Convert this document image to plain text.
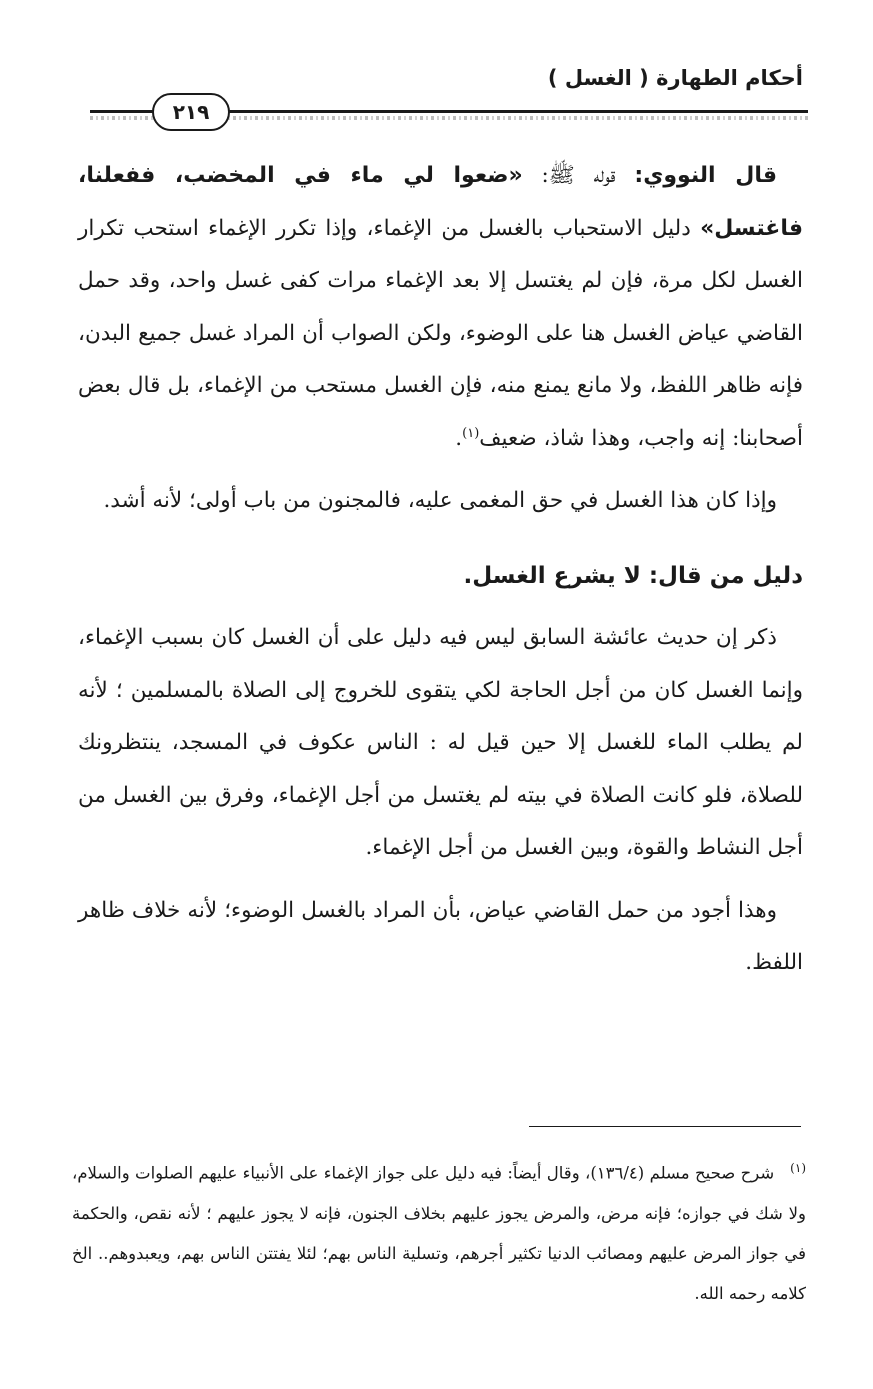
أحكام الطهارة ( الغسل )
٢١٩

قال النووي: قوله ﷺ: «ضعوا لي ماء في المخضب، ففعلنا، فاغتسل» دليل الاستحباب بالغسل من الإغماء، وإذا تكرر الإغماء استحب تكرار الغسل لكل مرة، فإن لم يغتسل إلا بعد الإغماء مرات كفى غسل واحد، وقد حمل القاضي عياض الغسل هنا على الوضوء، ولكن الصواب أن المراد غسل جميع البدن، فإنه ظاهر اللفظ، ولا مانع يمنع منه، فإن الغسل مستحب من الإغماء، بل قال بعض أصحابنا: إنه واجب، وهذا شاذ، ضعيف$^{(١)}$.

وإذا كان هذا الغسل في حق المغمى عليه، فالمجنون من باب أولى؛ لأنه أشد.

دليل من قال: لا يشرع الغسل.

ذكر إن حديث عائشة السابق ليس فيه دليل على أن الغسل كان بسبب الإغماء، وإنما الغسل كان من أجل الحاجة لكي يتقوى للخروج إلى الصلاة بالمسلمين ؛ لأنه لم يطلب الماء للغسل إلا حين قيل له : الناس عكوف في المسجد، ينتظرونك للصلاة، فلو كانت الصلاة في بيته لم يغتسل من أجل الإغماء، وفرق بين الغسل من أجل النشاط والقوة، وبين الغسل من أجل الإغماء.

وهذا أجود من حمل القاضي عياض، بأن المراد بالغسل الوضوء؛ لأنه خلاف ظاهر اللفظ.

$^{(١)}$شرح صحيح مسلم (١٣٦/٤)، وقال أيضاً: فيه دليل على جواز الإغماء على الأنبياء عليهم الصلوات والسلام، ولا شك في جوازه؛ فإنه مرض، والمرض يجوز عليهم بخلاف الجنون، فإنه لا يجوز عليهم ؛ لأنه نقص، والحكمة في جواز المرض عليهم ومصائب الدنيا تكثير أجرهم، وتسلية الناس بهم؛ لئلا يفتتن الناس بهم، ويعبدوهم.. الخ كلامه رحمه الله.
